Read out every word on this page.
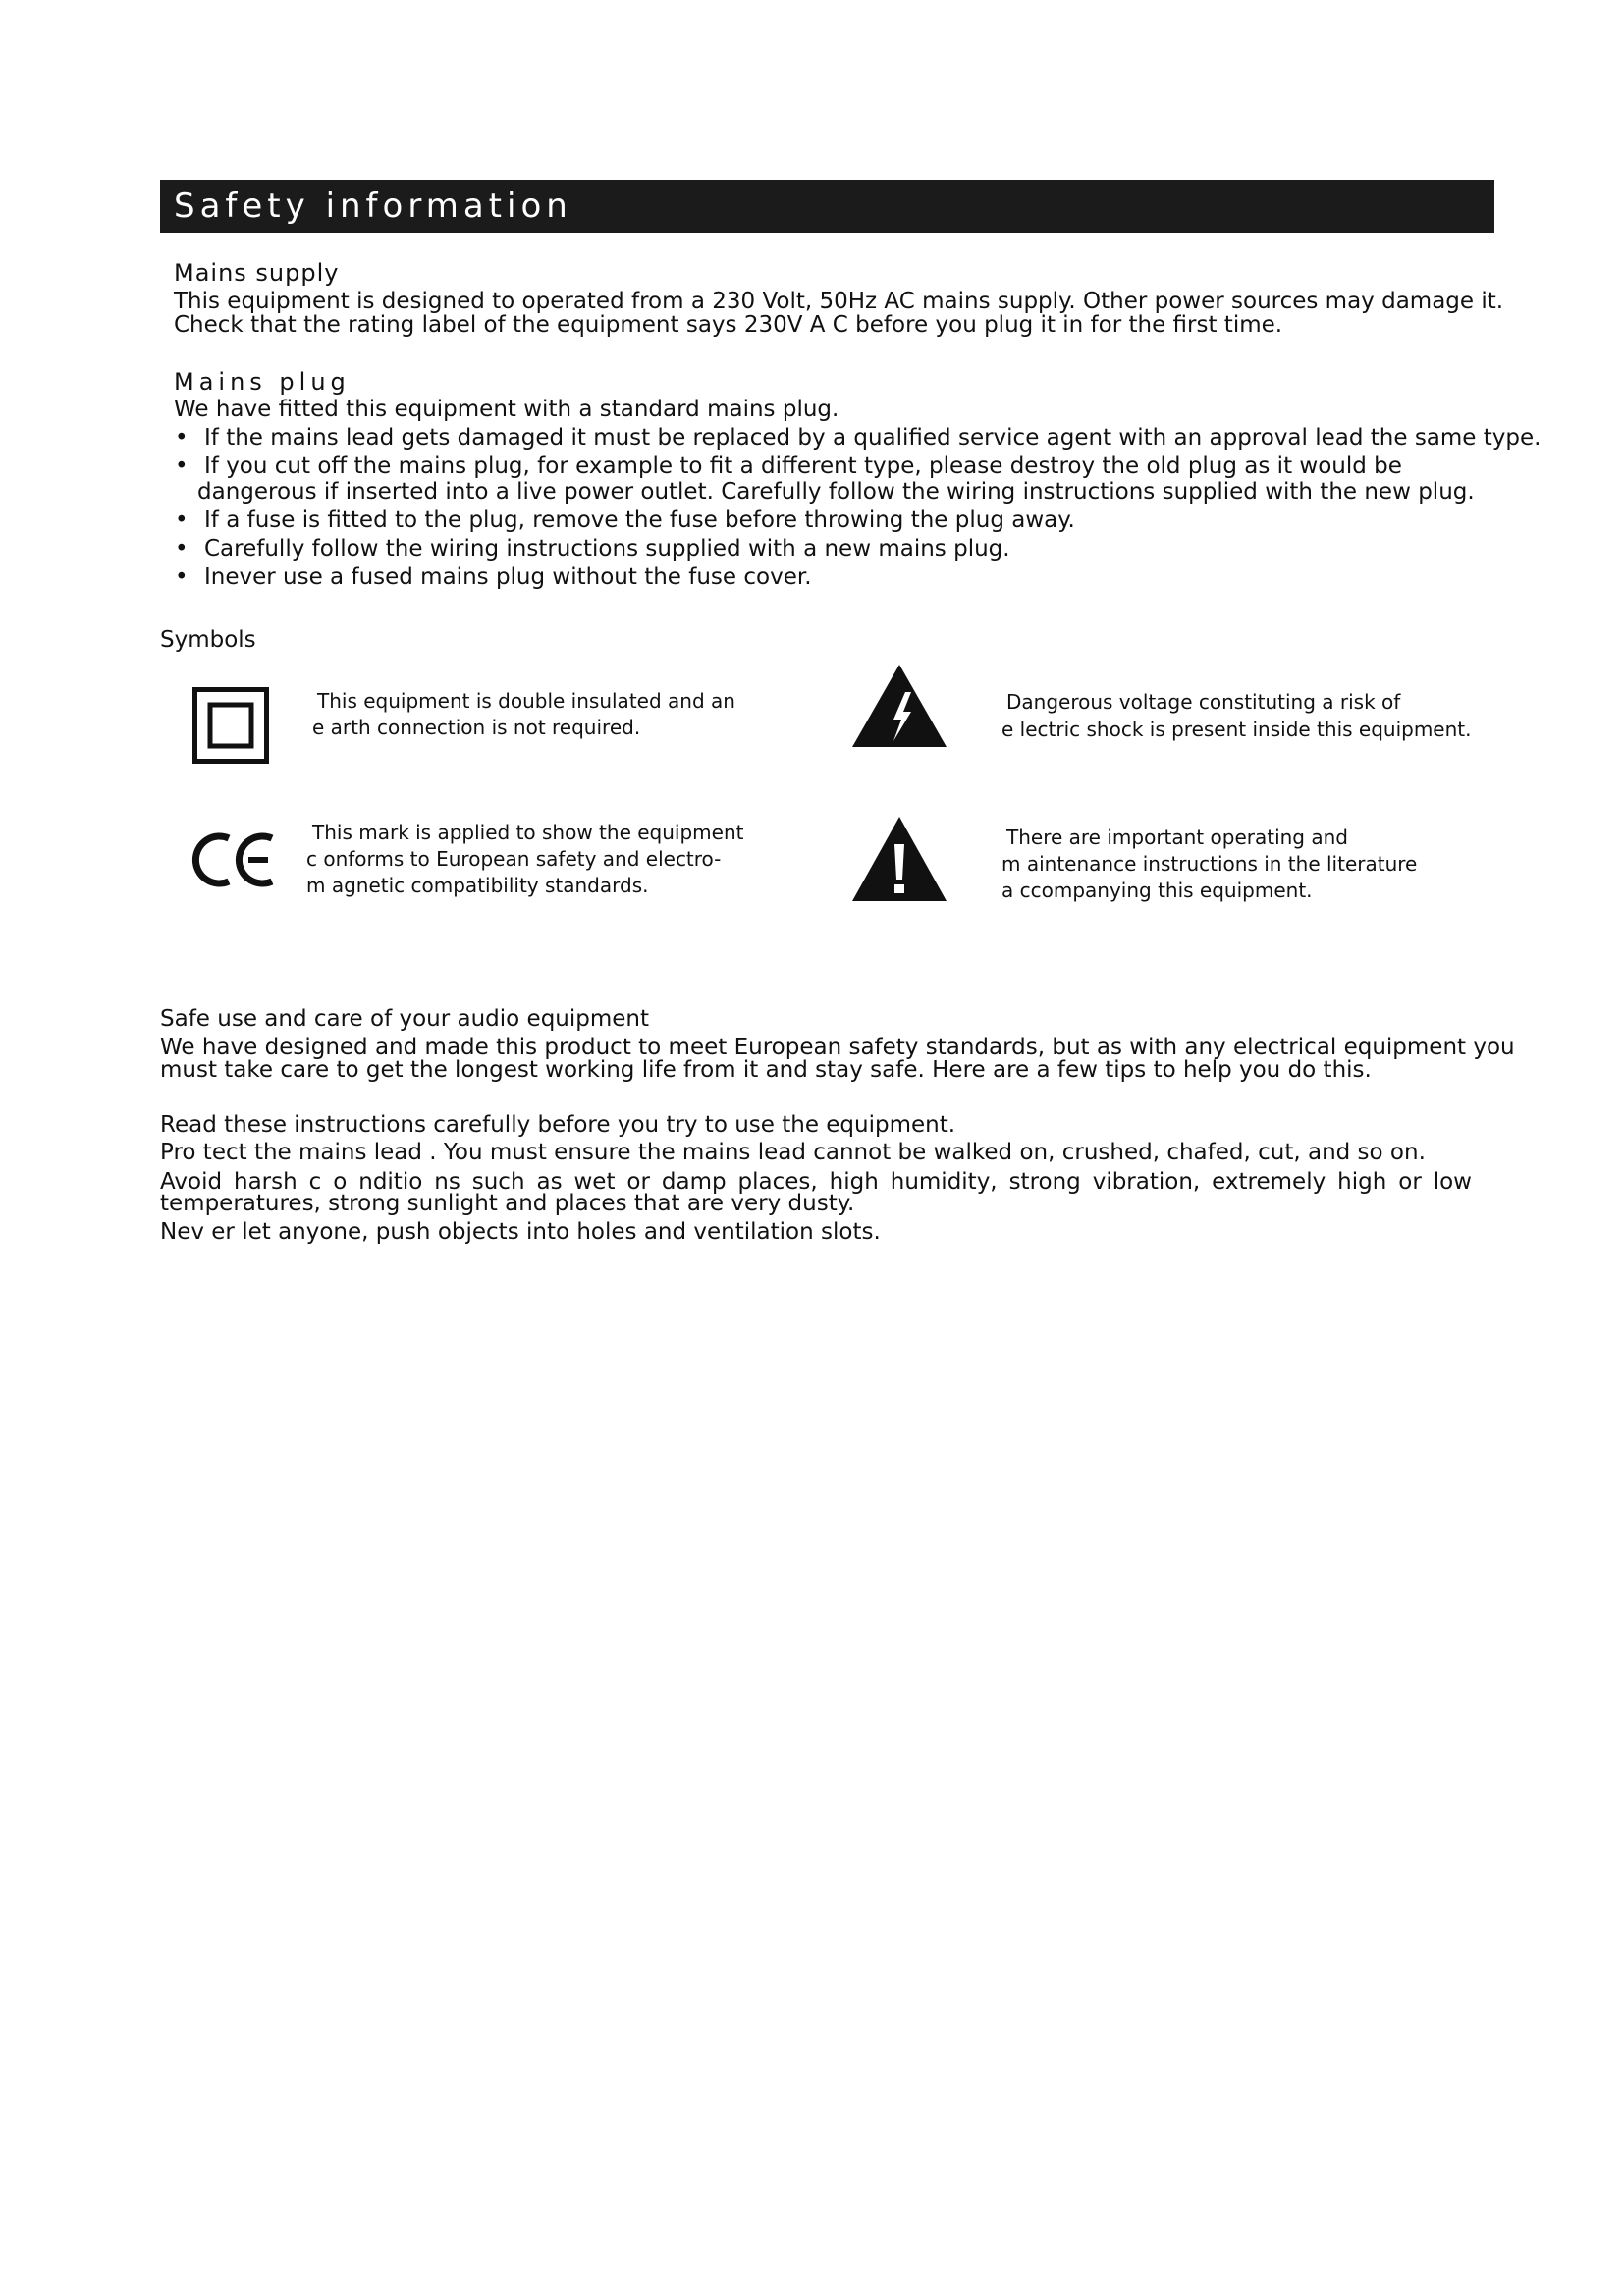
Safety information
Mains supply
This equipment is designed to operated from a 230 Volt, 50Hz AC mains supply. Other power sources may damage it.
Check that the rating label of the equipment says 230V A C before you plug it in for the first time.
Mains plug
We have fitted this equipment with a standard mains plug.
• If the mains lead gets damaged it must be replaced by a qualified service agent with an approval lead the same type.
• If you cut off the mains plug, for example to fit a different type, please destroy the old plug as it would be
dangerous if inserted into a live power outlet. Carefully follow the wiring instructions supplied with the new plug.
• If a fuse is fitted to the plug, remove the fuse before throwing the plug away.
• Carefully follow the wiring instructions supplied with a new mains plug.
• Inever use a fused mains plug without the fuse cover.
Symbols
This equipment is double insulated and an
e arth connection is not required.
Dangerous voltage constituting a risk of
e lectric shock is present inside this equipment.
This mark is applied to show the equipment
c onforms to European safety and electro-
m agnetic compatibility standards.
There are important operating and
m aintenance instructions in the literature
a ccompanying this equipment.
Safe use and care of your audio equipment
We have designed and made this product to meet European safety standards, but as with any electrical equipment you
must take care to get the longest working life from it and stay safe. Here are a few tips to help you do this.
Read these instructions carefully before you try to use the equipment.
Pro tect the mains lead . You must ensure the mains lead cannot be walked on, crushed, chafed, cut, and so on.
Avoid harsh c o nditio ns such as wet or damp places, high humidity, strong vibration, extremely high or low
temperatures, strong sunlight and places that are very dusty.
Nev er let anyone, push objects into holes and ventilation slots.
